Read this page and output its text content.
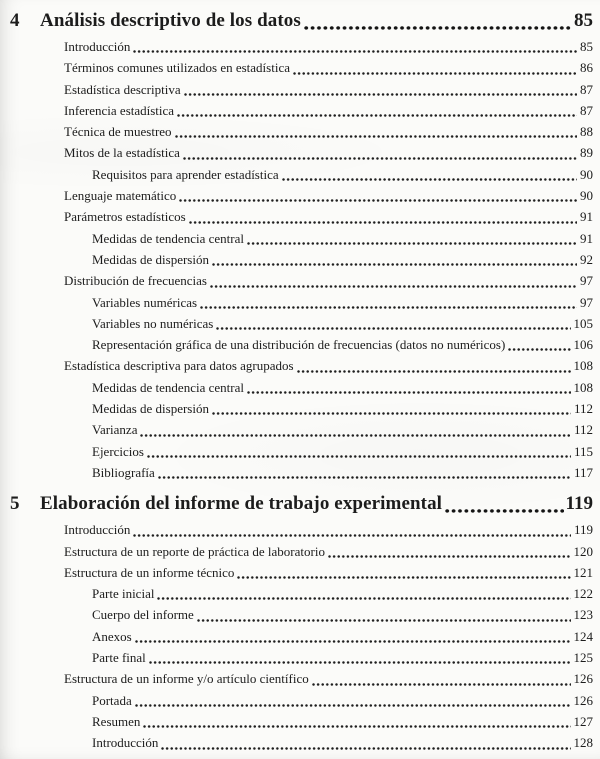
4	Análisis descriptivo de los datos	85
Introducción	85
Términos comunes utilizados en estadística	86
Estadística descriptiva	87
Inferencia estadística	87
Técnica de muestreo	88
Mitos de la estadística	89
Requisitos para aprender estadística	90
Lenguaje matemático	90
Parámetros estadísticos	91
Medidas de tendencia central	91
Medidas de dispersión	92
Distribución de frecuencias	97
Variables numéricas	97
Variables no numéricas	105
Representación gráfica de una distribución de frecuencias (datos no numéricos)	106
Estadística descriptiva para datos agrupados	108
Medidas de tendencia central	108
Medidas de dispersión	112
Varianza	112
Ejercicios	115
Bibliografía	117
5	Elaboración del informe de trabajo experimental	119
Introducción	119
Estructura de un reporte de práctica de laboratorio	120
Estructura de un informe técnico	121
Parte inicial	122
Cuerpo del informe	123
Anexos	124
Parte final	125
Estructura de un informe y/o artículo científico	126
Portada	126
Resumen	127
Introducción	128
